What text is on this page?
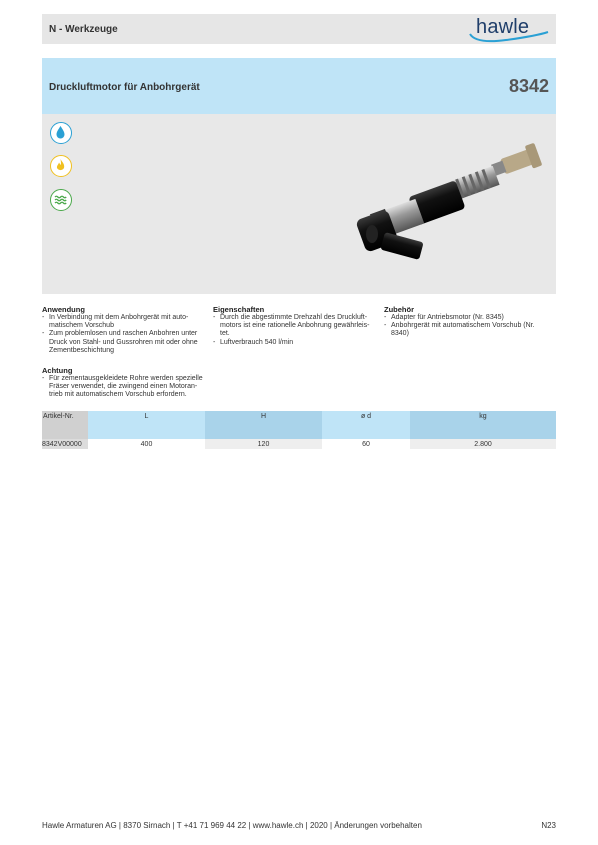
N - Werkzeuge	hawle
Druckluftmotor für Anbohrgerät	8342
Anwendung
- In Verbindung mit dem Anbohrgerät mit auto-matischem Vorschub
- Zum problemlosen und raschen Anbohren unter Druck von Stahl- und Gussrohren mit oder ohne Zementbeschichtung
Achtung
- Für zementausgekleidete Rohre werden spezielle Fräser verwendet, die zwingend einen Motoran-trieb mit automatischem Vorschub erfordern.
Eigenschaften
- Durch die abgestimmte Drehzahl des Druckluft-motors ist eine rationelle Anbohrung gewährleis-tet.
- Luftverbrauch 540 l/min
Zubehör
- Adapter für Antriebsmotor (Nr. 8345)
- Anbohrgerät mit automatischem Vorschub (Nr. 8340)
Artikel-Nr.	L	H	ø d	kg
8342V00000	400	120	60	2.800
Hawle Armaturen AG | 8370 Sirnach | T +41 71 969 44 22 | www.hawle.ch | 2020 | Änderungen vorbehalten	N23
